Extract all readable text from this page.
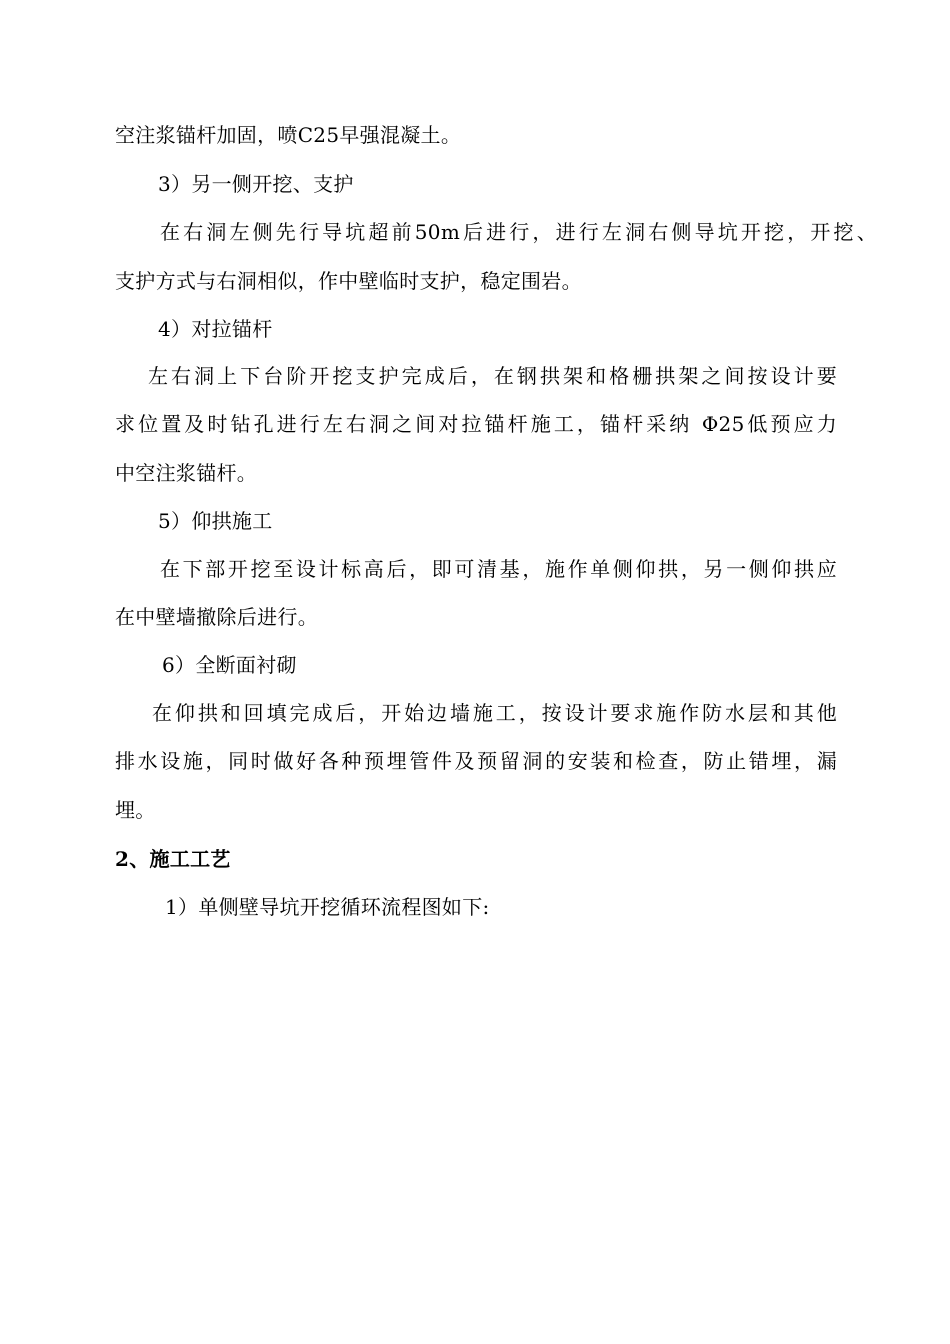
空注浆锚杆加固，喷C25早强混凝土。
3）另一侧开挖、支护
在右洞左侧先行导坑超前50m后进行，进行左洞右侧导坑开挖，开挖、
支护方式与右洞相似，作中壁临时支护，稳定围岩。
4）对拉锚杆
左右洞上下台阶开挖支护完成后，在钢拱架和格栅拱架之间按设计要
求位置及时钻孔进行左右洞之间对拉锚杆施工，锚杆采纳 Φ25低预应力
中空注浆锚杆。
5）仰拱施工
在下部开挖至设计标高后，即可清基，施作单侧仰拱，另一侧仰拱应
在中壁墙撤除后进行。
6）全断面衬砌
在仰拱和回填完成后，开始边墙施工，按设计要求施作防水层和其他
排水设施，同时做好各种预埋管件及预留洞的安装和检查，防止错埋，漏
埋。
2、施工工艺
1）单侧壁导坑开挖循环流程图如下:
